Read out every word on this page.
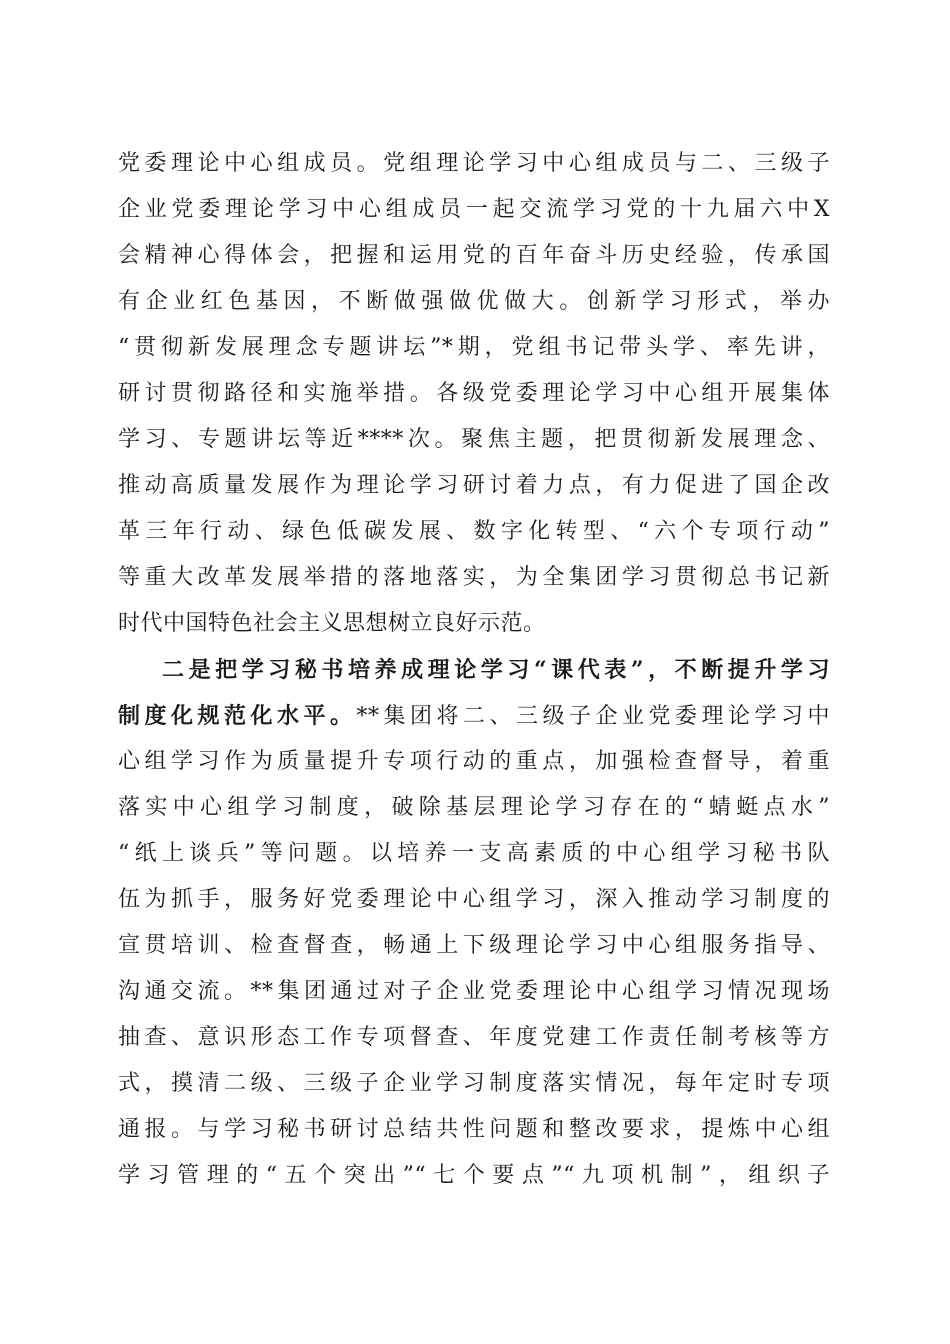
党委理论中心组成员。党组理论学习中心组成员与二、三级子
企业党委理论学习中心组成员一起交流学习党的十九届六中X
会精神心得体会，把握和运用党的百年奋斗历史经验，传承国
有企业红色基因，不断做强做优做大。创新学习形式，举办
“贯彻新发展理念专题讲坛”*期，党组书记带头学、率先讲，
研讨贯彻路径和实施举措。各级党委理论学习中心组开展集体
学习、专题讲坛等近****次。聚焦主题，把贯彻新发展理念、
推动高质量发展作为理论学习研讨着力点，有力促进了国企改
革三年行动、绿色低碳发展、数字化转型、“六个专项行动”
等重大改革发展举措的落地落实，为全集团学习贯彻总书记新
时代中国特色社会主义思想树立良好示范。
二是把学习秘书培养成理论学习“课代表”，不断提升学习
制度化规范化水平。**集团将二、三级子企业党委理论学习中
心组学习作为质量提升专项行动的重点，加强检查督导，着重
落实中心组学习制度，破除基层理论学习存在的“蜻蜓点水”
“纸上谈兵”等问题。以培养一支高素质的中心组学习秘书队
伍为抓手，服务好党委理论中心组学习，深入推动学习制度的
宣贯培训、检查督查，畅通上下级理论学习中心组服务指导、
沟通交流。**集团通过对子企业党委理论中心组学习情况现场
抽查、意识形态工作专项督查、年度党建工作责任制考核等方
式，摸清二级、三级子企业学习制度落实情况，每年定时专项
通报。与学习秘书研讨总结共性问题和整改要求，提炼中心组
学习管理的“五个突出”“七个要点”“九项机制”，组织子
